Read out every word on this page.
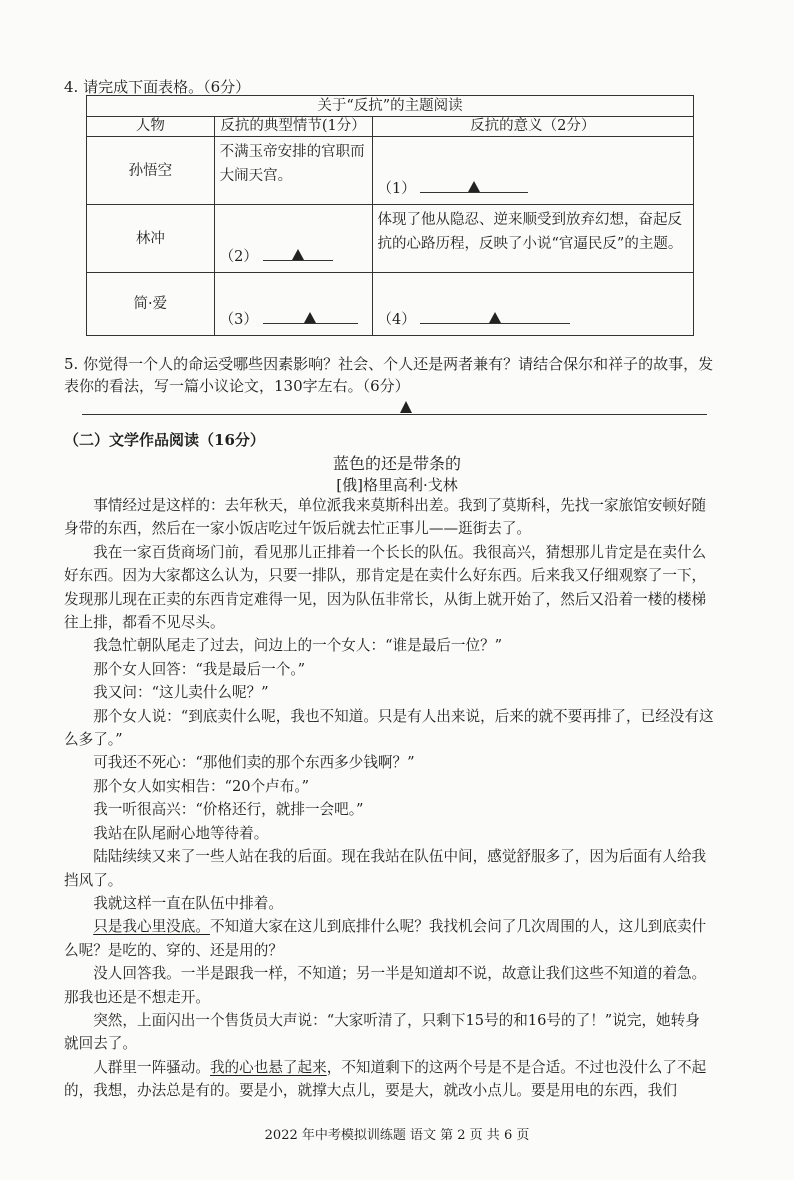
4. 请完成下面表格。（6分）
关于“反抗”的主题阅读		
人物	反抗的典型情节(1分）	反抗的意义（2分）
孙悟空	不满玉帝安排的官职而大闹天宫。	（1）

林冲	（2）	体现了他从隐忍、逆来顺受到放弃幻想，奋起反抗的心路历程，反映了小说“官逼民反”的主题。
简·爱	（3）	（4）
5. 你觉得一个人的命运受哪些因素影响？社会、个人还是两者兼有？请结合保尔和祥子的故事，发表你的看法，写一篇小议论文，130字左右。（6分）
（二）文学作品阅读（16分）
蓝色的还是带条的
[俄]格里高利·戈林

事情经过是这样的：去年秋天，单位派我来莫斯科出差。我到了莫斯科，先找一家旅馆安顿好随身带的东西，然后在一家小饭店吃过午饭后就去忙正事儿——逛街去了。

我在一家百货商场门前，看见那儿正排着一个长长的队伍。我很高兴，猜想那儿肯定是在卖什么好东西。因为大家都这么认为，只要一排队，那肯定是在卖什么好东西。后来我又仔细观察了一下，发现那儿现在正卖的东西肯定难得一见，因为队伍非常长，从街上就开始了，然后又沿着一楼的楼梯往上排，都看不见尽头。

我急忙朝队尾走了过去，问边上的一个女人：“谁是最后一位？”

那个女人回答：“我是最后一个。”

我又问：“这儿卖什么呢？”

那个女人说：“到底卖什么呢，我也不知道。只是有人出来说，后来的就不要再排了，已经没有这么多了。”

可我还不死心：“那他们卖的那个东西多少钱啊？”

那个女人如实相告：“20个卢布。”

我一听很高兴：“价格还行，就排一会吧。”

我站在队尾耐心地等待着。

陆陆续续又来了一些人站在我的后面。现在我站在队伍中间，感觉舒服多了，因为后面有人给我挡风了。

我就这样一直在队伍中排着。

只是我心里没底。不知道大家在这儿到底排什么呢？我找机会问了几次周围的人，这儿到底卖什么呢？是吃的、穿的、还是用的？

没人回答我。一半是跟我一样，不知道；另一半是知道却不说，故意让我们这些不知道的着急。那我也还是不想走开。

突然，上面闪出一个售货员大声说：“大家听清了，只剩下15号的和16号的了！”说完，她转身就回去了。

人群里一阵骚动。我的心也悬了起来，不知道剩下的这两个号是不是合适。不过也没什么了不起的，我想，办法总是有的。要是小，就撑大点儿，要是大，就改小点儿。要是用电的东西，我们

2022 年中考模拟训练题 语文 第 2 页 共 6 页
